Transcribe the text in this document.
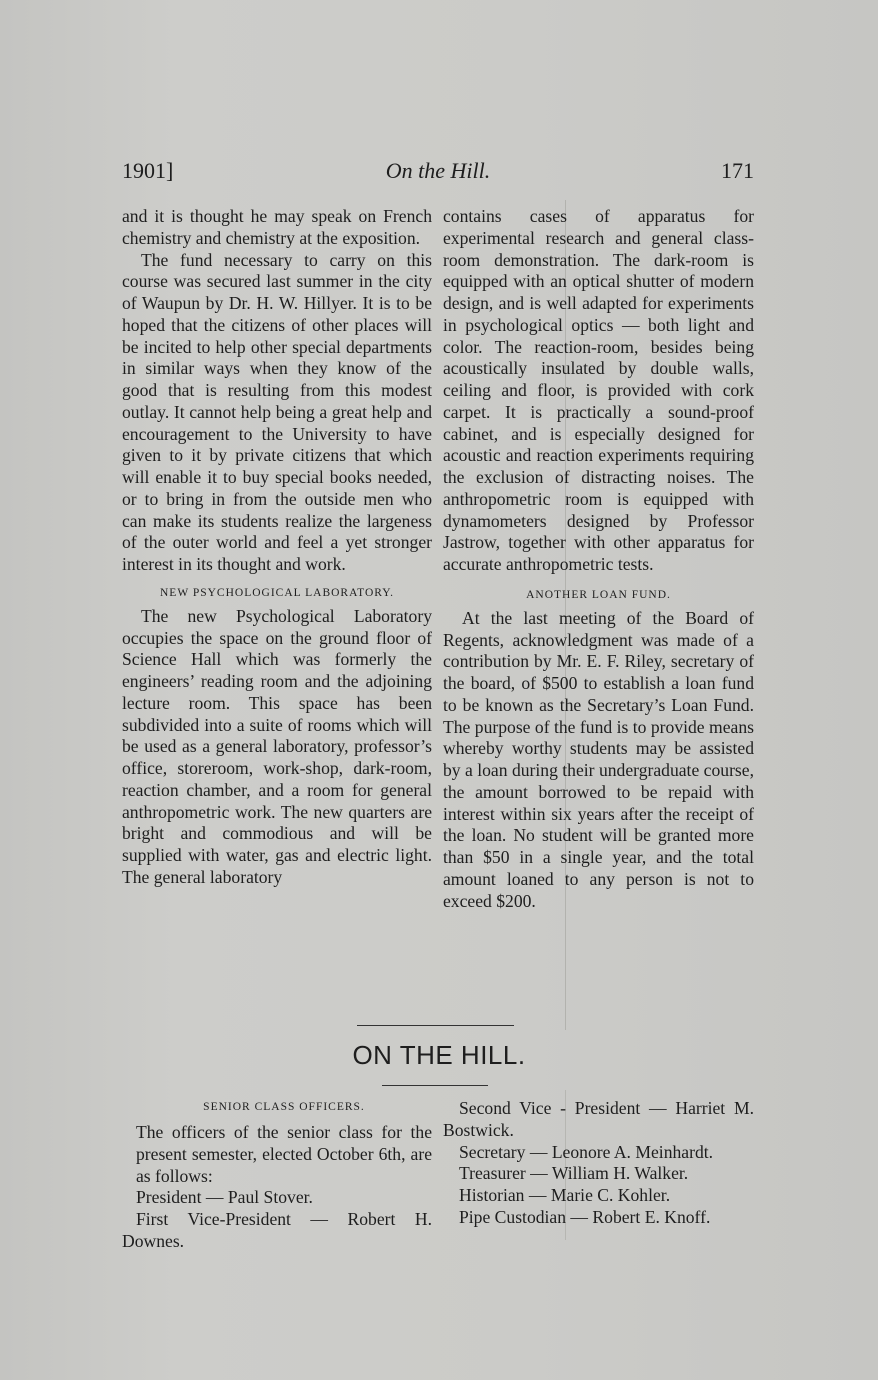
On the Hill.
1901]	171

and it is thought he may speak on French chemistry and chemistry at the exposition.

The fund necessary to carry on this course was secured last summer in the city of Waupun by Dr. H. W. Hillyer. It is to be hoped that the citizens of other places will be incited to help other special departments in similar ways when they know of the good that is resulting from this modest outlay. It cannot help being a great help and encouragement to the University to have given to it by private citizens that which will enable it to buy special books needed, or to bring in from the outside men who can make its students realize the largeness of the outer world and feel a yet stronger interest in its thought and work.

NEW PSYCHOLOGICAL LABORATORY.

The new Psychological Laboratory occupies the space on the ground floor of Science Hall which was formerly the engineers’ reading room and the adjoining lecture room. This space has been subdivided into a suite of rooms which will be used as a general laboratory, professor’s office, storeroom, work-shop, dark-room, reaction chamber, and a room for general anthropometric work. The new quarters are bright and commodious and will be supplied with water, gas and electric light. The general laboratory

contains cases of apparatus for experimental research and general class-room demonstration. The dark-room is equipped with an optical shutter of modern design, and is well adapted for experiments in psychological optics — both light and color. The reaction-room, besides being acoustically insulated by double walls, ceiling and floor, is provided with cork carpet. It is practically a sound-proof cabinet, and is especially designed for acoustic and reaction experiments requiring the exclusion of distracting noises. The anthropometric room is equipped with dynamometers designed by Professor Jastrow, together with other apparatus for accurate anthropometric tests.

ANOTHER LOAN FUND.

At the last meeting of the Board of Regents, acknowledgment was made of a contribution by Mr. E. F. Riley, secretary of the board, of $500 to establish a loan fund to be known as the Secretary’s Loan Fund. The purpose of the fund is to provide means whereby worthy students may be assisted by a loan during their undergraduate course, the amount borrowed to be repaid with interest within six years after the receipt of the loan. No student will be granted more than $50 in a single year, and the total amount loaned to any person is not to exceed $200.

ON THE HILL.
SENIOR CLASS OFFICERS.

The officers of the senior class for the present semester, elected October 6th, are as follows:

President — Paul Stover.

First Vice-President — Robert H. Downes.

Second Vice - President — Harriet M. Bostwick.

Secretary — Leonore A. Meinhardt.

Treasurer — William H. Walker.

Historian — Marie C. Kohler.

Pipe Custodian — Robert E. Knoff.
